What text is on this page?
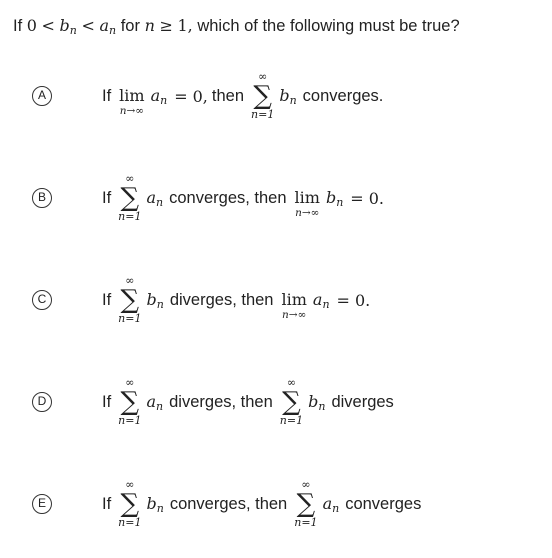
If $0 < b_n < a_n$ for n ≥ 1, which of the following must be true?
A	If lim
n→∞
$a_n = 0$, then
∞
∑
n=1
$b_n$ converges.
B	If
∞
∑
n=1
$a_n$ converges, then lim
n→∞
$b_n = 0$.
C	If
∞
∑
n=1
$b_n$ diverges, then lim
n→∞
$a_n = 0$.
D	If
∞
∑
n=1
$a_n$ diverges, then
∞
∑
n=1
$b_n$ diverges
E	If
∞
∑
n=1
$b_n$ converges, then
∞
∑
n=1
$a_n$ converges
